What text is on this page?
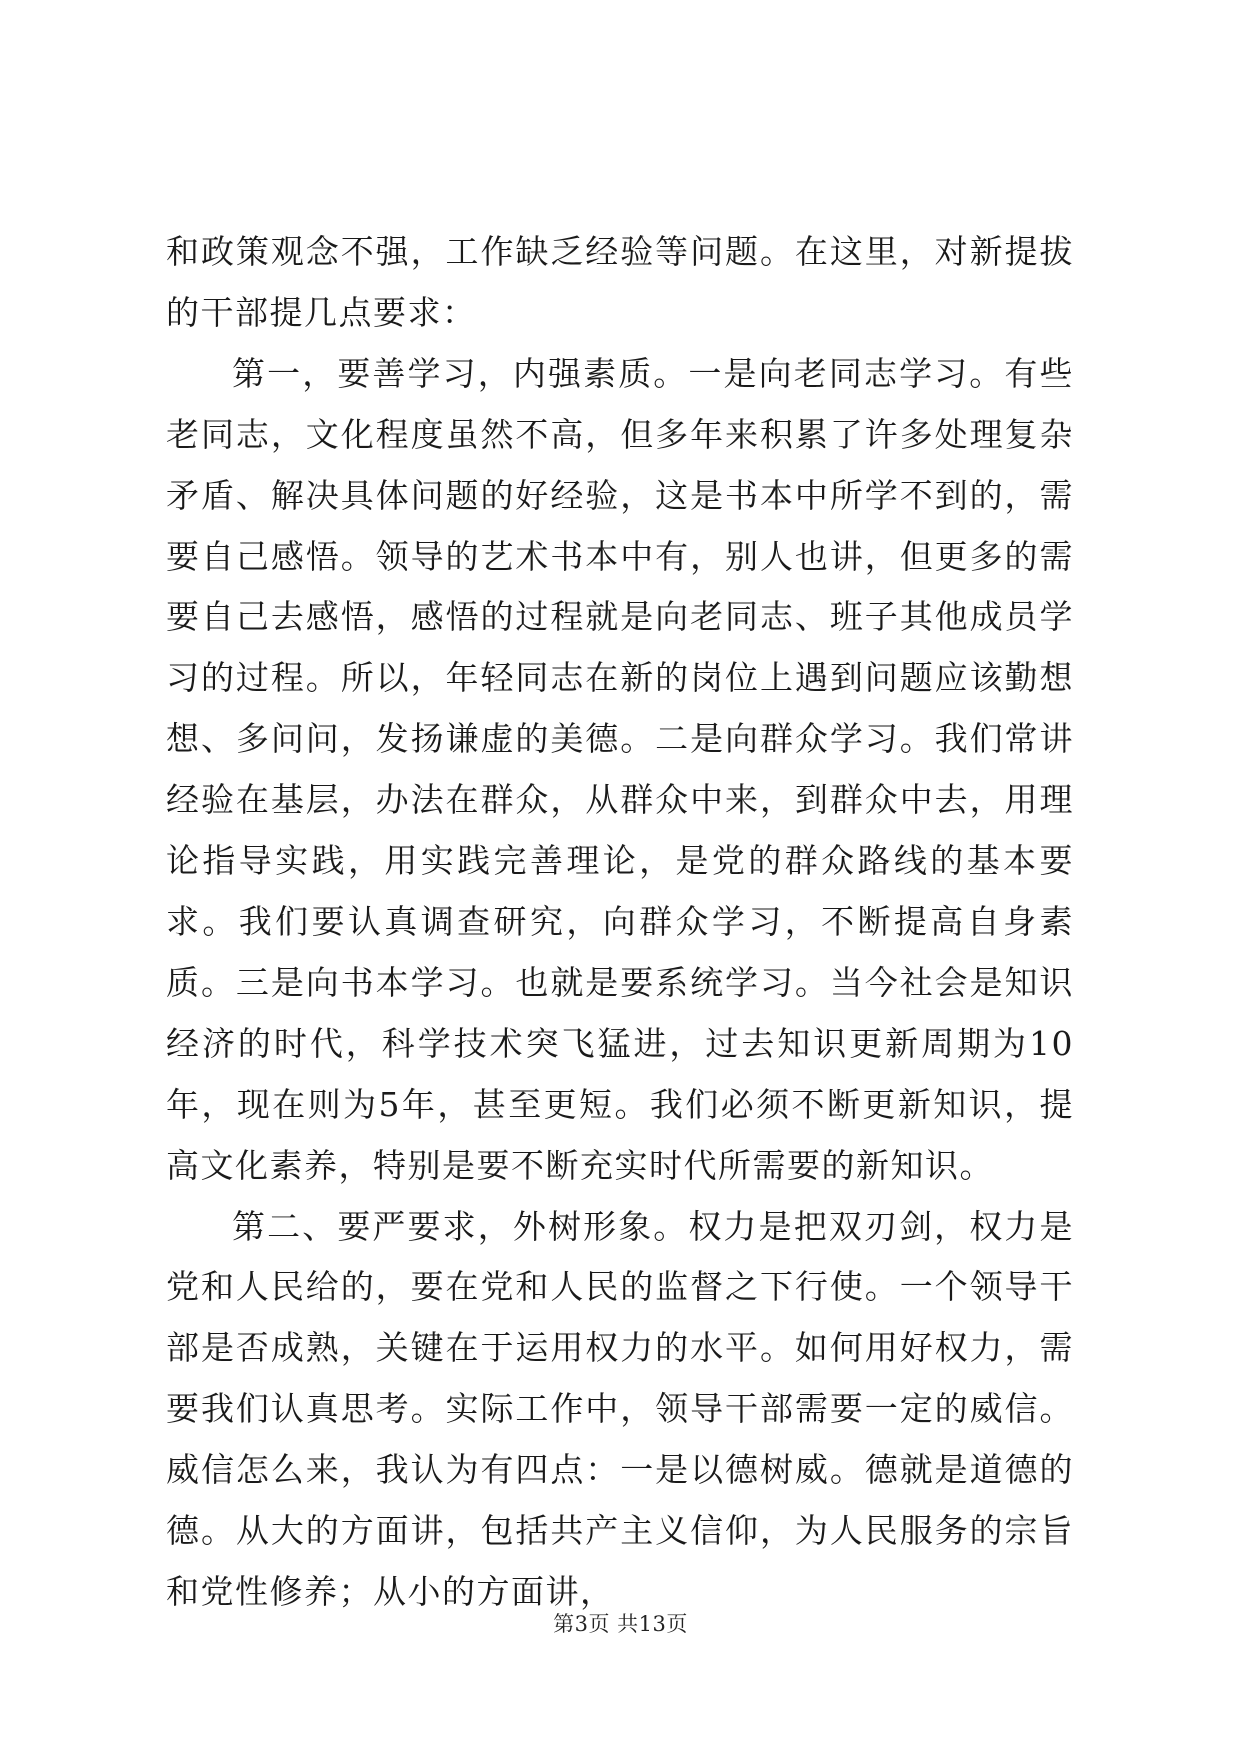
和政策观念不强，工作缺乏经验等问题。在这里，对新提拔的干部提几点要求：

第一，要善学习，内强素质。一是向老同志学习。有些老同志，文化程度虽然不高，但多年来积累了许多处理复杂矛盾、解决具体问题的好经验，这是书本中所学不到的，需要自己感悟。领导的艺术书本中有，别人也讲，但更多的需要自己去感悟，感悟的过程就是向老同志、班子其他成员学习的过程。所以，年轻同志在新的岗位上遇到问题应该勤想想、多问问，发扬谦虚的美德。二是向群众学习。我们常讲经验在基层，办法在群众，从群众中来，到群众中去，用理论指导实践，用实践完善理论，是党的群众路线的基本要求。我们要认真调查研究，向群众学习，不断提高自身素质。三是向书本学习。也就是要系统学习。当今社会是知识经济的时代，科学技术突飞猛进，过去知识更新周期为10年，现在则为5年，甚至更短。我们必须不断更新知识，提高文化素养，特别是要不断充实时代所需要的新知识。

第二、要严要求，外树形象。权力是把双刃剑，权力是党和人民给的，要在党和人民的监督之下行使。一个领导干部是否成熟，关键在于运用权力的水平。如何用好权力，需要我们认真思考。实际工作中，领导干部需要一定的威信。威信怎么来，我认为有四点：一是以德树威。德就是道德的德。从大的方面讲，包括共产主义信仰，为人民服务的宗旨和党性修养；从小的方面讲，

第3页 共13页
